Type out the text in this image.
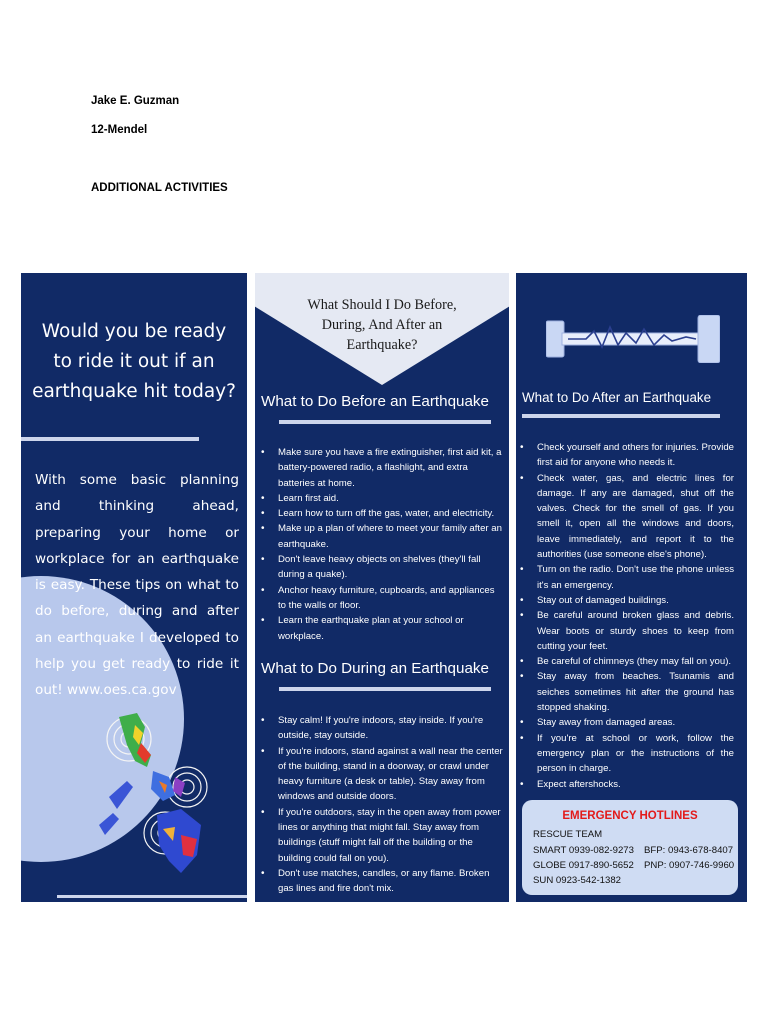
Jake E. Guzman
12-Mendel
ADDITIONAL ACTIVITIES
Would you be ready to ride it out if an earthquake hit today?
With some basic planning and thinking ahead, preparing your home or workplace for an earthquake is easy. These tips on what to do before, during and after an earthquake I developed to help you get ready to ride it out! www.oes.ca.gov
What Should I Do Before, During, And After an Earthquake?
What to Do Before an Earthquake
• Make sure you have a fire extinguisher, first aid kit, a battery-powered radio, a flashlight, and extra batteries at home.
• Learn first aid.
• Learn how to turn off the gas, water, and electricity.
• Make up a plan of where to meet your family after an earthquake.
• Don't leave heavy objects on shelves (they'll fall during a quake).
• Anchor heavy furniture, cupboards, and appliances to the walls or floor.
• Learn the earthquake plan at your school or workplace.
What to Do During an Earthquake
• Stay calm! If you're indoors, stay inside. If you're outside, stay outside.
• If you're indoors, stand against a wall near the center of the building, stand in a doorway, or crawl under heavy furniture (a desk or table). Stay away from windows and outside doors.
• If you're outdoors, stay in the open away from power lines or anything that might fall. Stay away from buildings (stuff might fall off the building or the building could fall on you).
• Don't use matches, candles, or any flame. Broken gas lines and fire don't mix.
What to Do After an Earthquake
• Check yourself and others for injuries. Provide first aid for anyone who needs it.
• Check water, gas, and electric lines for damage. If any are damaged, shut off the valves. Check for the smell of gas. If you smell it, open all the windows and doors, leave immediately, and report it to the authorities (use someone else's phone).
• Turn on the radio. Don't use the phone unless it's an emergency.
• Stay out of damaged buildings.
• Be careful around broken glass and debris. Wear boots or sturdy shoes to keep from cutting your feet.
• Be careful of chimneys (they may fall on you).
• Stay away from beaches. Tsunamis and seiches sometimes hit after the ground has stopped shaking.
• Stay away from damaged areas.
• If you're at school or work, follow the emergency plan or the instructions of the person in charge.
• Expect aftershocks.
EMERGENCY HOTLINES
RESCUE TEAM
SMART 0939-082-9273
GLOBE 0917-890-5652
SUN 0923-542-1382
BFP: 0943-678-8407
PNP: 0907-746-9960
